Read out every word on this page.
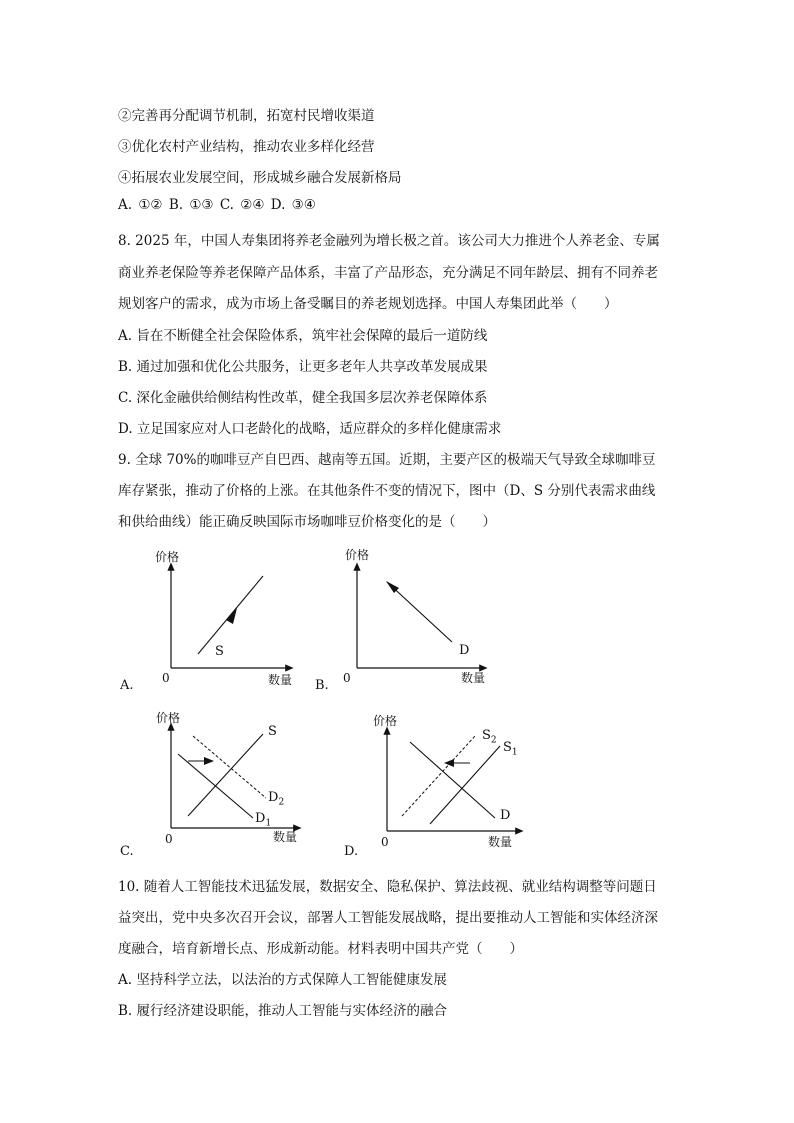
②完善再分配调节机制，拓宽村民增收渠道
③优化农村产业结构，推动农业多样化经营
④拓展农业发展空间，形成城乡融合发展新格局
A. ①② B. ①③ C. ②④ D. ③④
8. 2025 年，中国人寿集团将养老金融列为增长极之首。该公司大力推进个人养老金、专属
商业养老保险等养老保障产品体系，丰富了产品形态，充分满足不同年龄层、拥有不同养老
规划客户的需求，成为市场上备受瞩目的养老规划选择。中国人寿集团此举（　　）
A. 旨在不断健全社会保险体系，筑牢社会保障的最后一道防线
B. 通过加强和优化公共服务，让更多老年人共享改革发展成果
C. 深化金融供给侧结构性改革，健全我国多层次养老保障体系
D. 立足国家应对人口老龄化的战略，适应群众的多样化健康需求
9. 全球 70%的咖啡豆产自巴西、越南等五国。近期，主要产区的极端天气导致全球咖啡豆
库存紧张，推动了价格的上涨。在其他条件不变的情况下，图中（D、S 分别代表需求曲线
和供给曲线）能正确反映国际市场咖啡豆价格变化的是（　　）
价格
数量
0
S
A.
价格
数量
0
D
B.
价格
数量
0
S
$D_2$
$D_1$
C.
价格
数量
0
$S_2$ $S_1$
D
D.
10. 随着人工智能技术迅猛发展，数据安全、隐私保护、算法歧视、就业结构调整等问题日
益突出，党中央多次召开会议，部署人工智能发展战略，提出要推动人工智能和实体经济深
度融合，培育新增长点、形成新动能。材料表明中国共产党（　　）
A. 坚持科学立法，以法治的方式保障人工智能健康发展
B. 履行经济建设职能，推动人工智能与实体经济的融合
